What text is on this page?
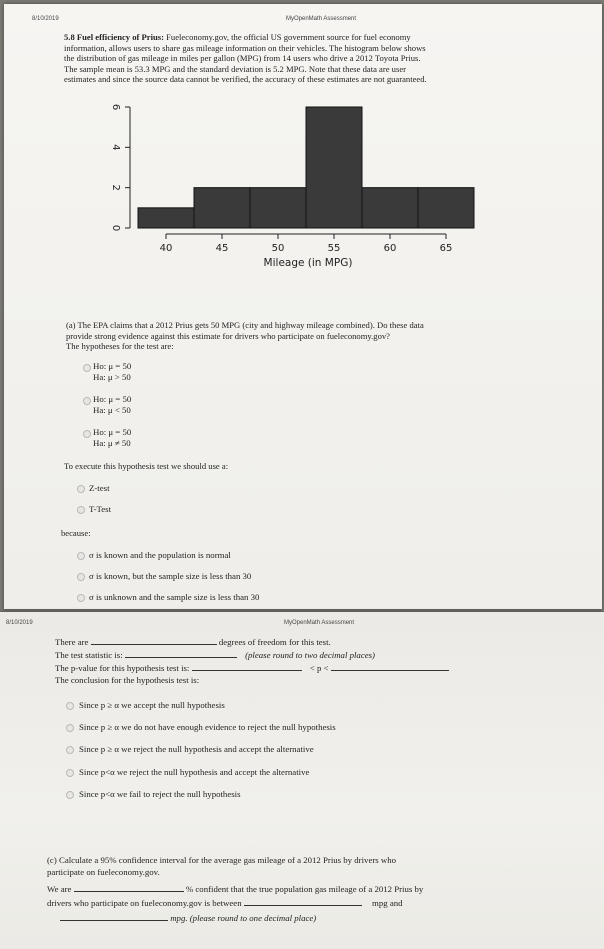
8/10/2019	MyOpenMath Assessment
5.8 Fuel efficiency of Prius: Fueleconomy.gov, the official US government source for fuel economy
information, allows users to share gas mileage information on their vehicles. The histogram below shows
the distribution of gas mileage in miles per gallon (MPG) from 14 users who drive a 2012 Toyota Prius.
The sample mean is 53.3 MPG and the standard deviation is 5.2 MPG. Note that these data are user
estimates and since the source data cannot be verified, the accuracy of these estimates are not guaranteed.
0
2
4
6
40	45	50	55	60	65
Mileage (in MPG)
(a) The EPA claims that a 2012 Prius gets 50 MPG (city and highway mileage combined). Do these data
provide strong evidence against this estimate for drivers who participate on fueleconomy.gov?
The hypotheses for the test are:
Ho: μ = 50
Ha: μ > 50
Ho: μ = 50
Ha: μ < 50
Ho: μ = 50
Ha: μ ≠ 50
To execute this hypothesis test we should use a:
Z-test
T-Test
because:
σ is known and the population is normal
σ is known, but the sample size is less than 30
σ is unknown and the sample size is less than 30
8/10/2019	MyOpenMath Assessment
There are	degrees of freedom for this test.
The test statistic is:	(please round to two decimal places)
The p-value for this hypothesis test is:	< p <
The conclusion for the hypothesis test is:
Since p ≥ α we accept the null hypothesis
Since p ≥ α we do not have enough evidence to reject the null hypothesis
Since p ≥ α we reject the null hypothesis and accept the alternative
Since p<α we reject the null hypothesis and accept the alternative
Since p<α we fail to reject the null hypothesis
(c) Calculate a 95% confidence interval for the average gas mileage of a 2012 Prius by drivers who
participate on fueleconomy.gov.
We are	% confident that the true population gas mileage of a 2012 Prius by
drivers who participate on fueleconomy.gov is between	mpg and
mpg. (please round to one decimal place)
